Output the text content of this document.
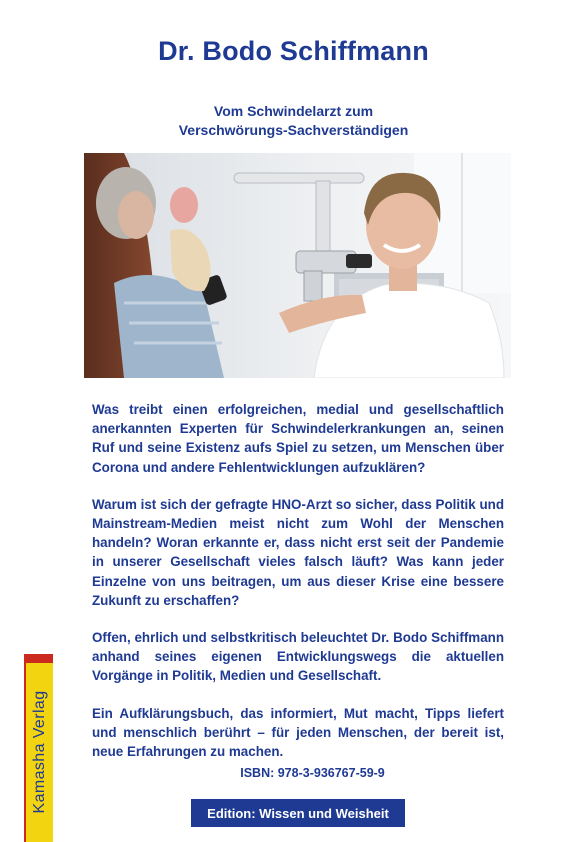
Dr. Bodo Schiffmann
Vom Schwindelarzt zum
Verschwörungs-Sachverständigen

Was treibt einen erfolgreichen, medial und gesellschaftlich anerkannten Experten für Schwindelerkrankungen an, seinen Ruf und seine Existenz aufs Spiel zu setzen, um Menschen über Corona und andere Fehlentwicklungen aufzuklären?

Warum ist sich der gefragte HNO-Arzt so sicher, dass Politik und Mainstream-Medien meist nicht zum Wohl der Menschen handeln? Woran erkannte er, dass nicht erst seit der Pandemie in unserer Gesellschaft vieles falsch läuft? Was kann jeder Einzelne von uns beitragen, um aus dieser Krise eine bessere Zukunft zu erschaffen?

Offen, ehrlich und selbstkritisch beleuchtet Dr. Bodo Schiffmann anhand seines eigenen Entwicklungswegs die aktuellen Vorgänge in Politik, Medien und Gesellschaft.

Ein Aufklärungsbuch, das informiert, Mut macht, Tipps liefert und menschlich berührt – für jeden Menschen, der bereit ist, neue Erfahrungen zu machen.

ISBN: 978-3-936767-59-9
Edition: Wissen und Weisheit
Kamasha Verlag
